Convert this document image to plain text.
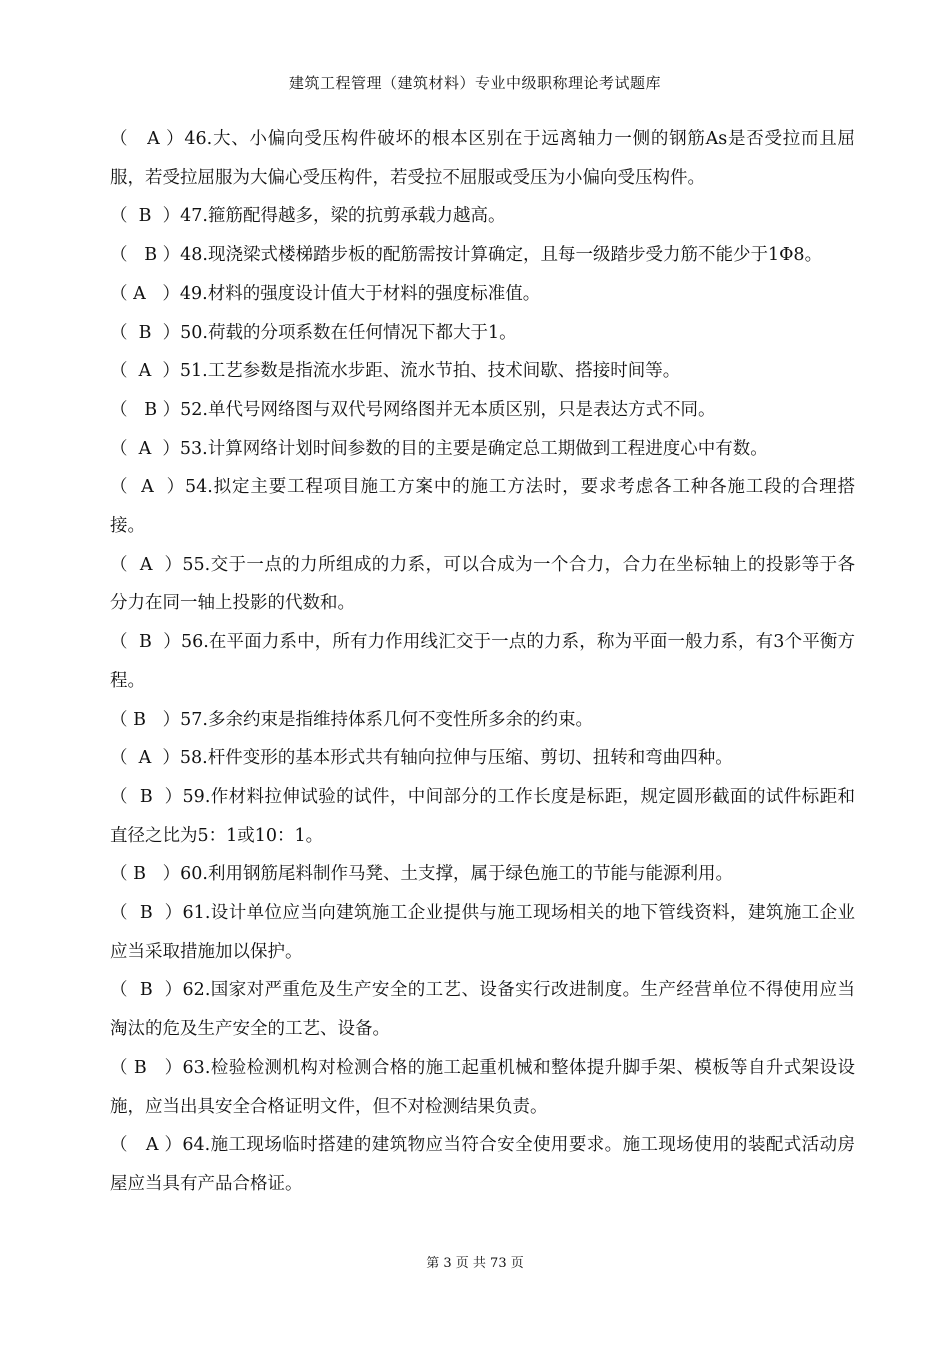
建筑工程管理（建筑材料）专业中级职称理论考试题库
（   A ）46.大、小偏向受压构件破坏的根本区别在于远离轴力一侧的钢筋As是否受拉而且屈服，若受拉屈服为大偏心受压构件，若受拉不屈服或受压为小偏向受压构件。
（  B  ）47.箍筋配得越多，梁的抗剪承载力越高。
（   B ）48.现浇梁式楼梯踏步板的配筋需按计算确定，且每一级踏步受力筋不能少于1Φ8。
（ A   ）49.材料的强度设计值大于材料的强度标准值。
（  B  ）50.荷载的分项系数在任何情况下都大于1。
（  A  ）51.工艺参数是指流水步距、流水节拍、技术间歇、搭接时间等。
（   B ）52.单代号网络图与双代号网络图并无本质区别，只是表达方式不同。
（  A  ）53.计算网络计划时间参数的目的主要是确定总工期做到工程进度心中有数。
（  A  ）54.拟定主要工程项目施工方案中的施工方法时，要求考虑各工种各施工段的合理搭接。
（  A  ）55.交于一点的力所组成的力系，可以合成为一个合力，合力在坐标轴上的投影等于各分力在同一轴上投影的代数和。
（  B  ）56.在平面力系中，所有力作用线汇交于一点的力系，称为平面一般力系，有3个平衡方程。
（ B   ）57.多余约束是指维持体系几何不变性所多余的约束。
（  A  ）58.杆件变形的基本形式共有轴向拉伸与压缩、剪切、扭转和弯曲四种。
（  B  ）59.作材料拉伸试验的试件，中间部分的工作长度是标距，规定圆形截面的试件标距和直径之比为5：1或10：1。
（ B   ）60.利用钢筋尾料制作马凳、土支撑，属于绿色施工的节能与能源利用。
（  B  ）61.设计单位应当向建筑施工企业提供与施工现场相关的地下管线资料，建筑施工企业应当采取措施加以保护。
（  B  ）62.国家对严重危及生产安全的工艺、设备实行改进制度。生产经营单位不得使用应当淘汰的危及生产安全的工艺、设备。
（ B   ）63.检验检测机构对检测合格的施工起重机械和整体提升脚手架、模板等自升式架设设施，应当出具安全合格证明文件，但不对检测结果负责。
（   A ）64.施工现场临时搭建的建筑物应当符合安全使用要求。施工现场使用的装配式活动房屋应当具有产品合格证。
第 3 页 共 73 页
